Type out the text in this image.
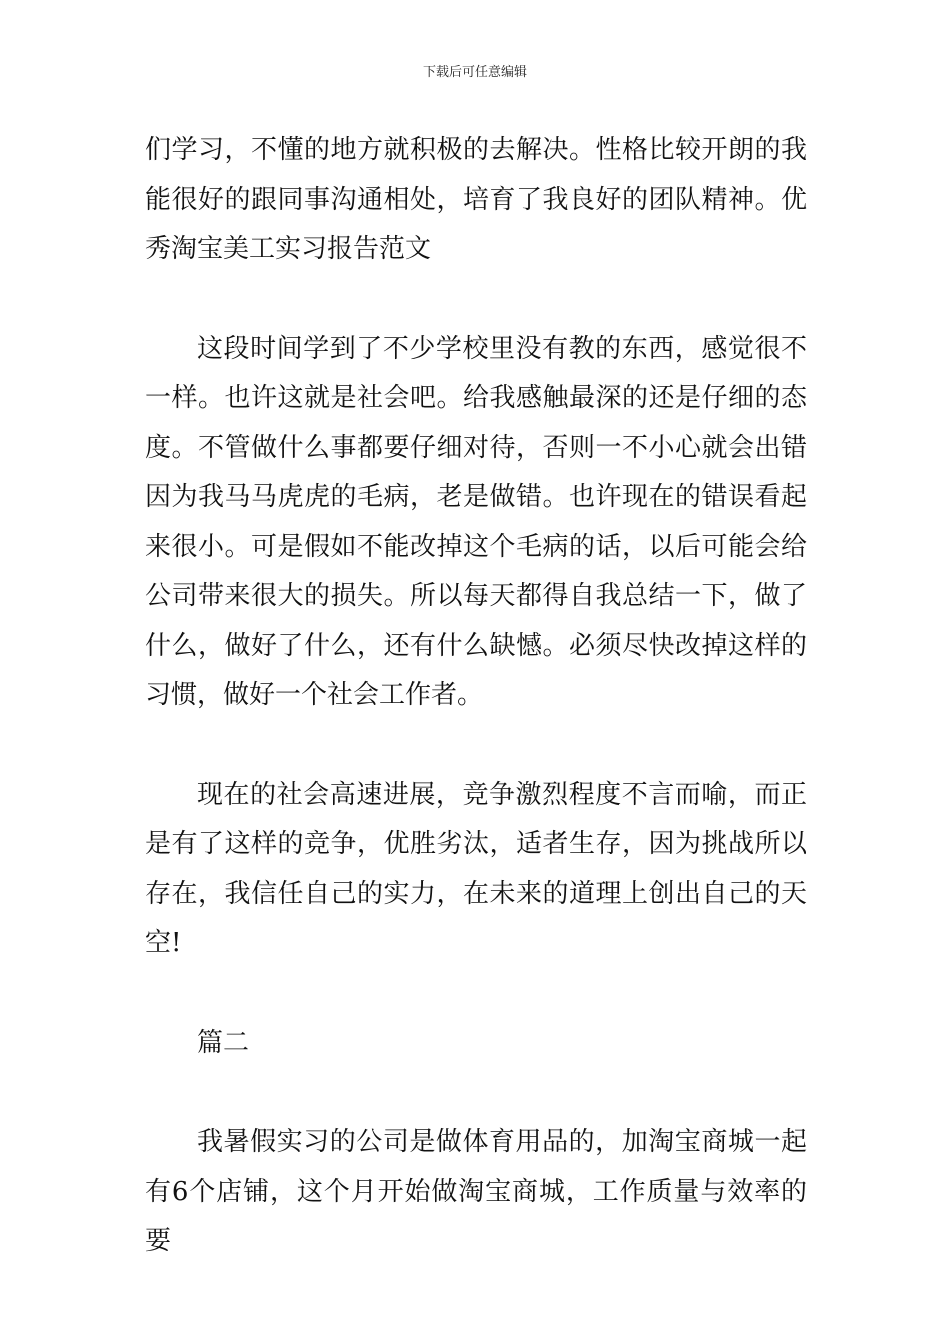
下载后可任意编辑

们学习，不懂的地方就积极的去解决。性格比较开朗的我能很好的跟同事沟通相处，培育了我良好的团队精神。优秀淘宝美工实习报告范文

这段时间学到了不少学校里没有教的东西，感觉很不一样。也许这就是社会吧。给我感触最深的还是仔细的态度。不管做什么事都要仔细对待，否则一不小心就会出错因为我马马虎虎的毛病，老是做错。也许现在的错误看起来很小。可是假如不能改掉这个毛病的话，以后可能会给公司带来很大的损失。所以每天都得自我总结一下，做了什么，做好了什么，还有什么缺憾。必须尽快改掉这样的习惯，做好一个社会工作者。

现在的社会高速进展，竞争激烈程度不言而喻，而正是有了这样的竞争，优胜劣汰，适者生存，因为挑战所以存在，我信任自己的实力，在未来的道理上创出自己的天空!

篇二

我暑假实习的公司是做体育用品的，加淘宝商城一起有6个店铺，这个月开始做淘宝商城，工作质量与效率的要
